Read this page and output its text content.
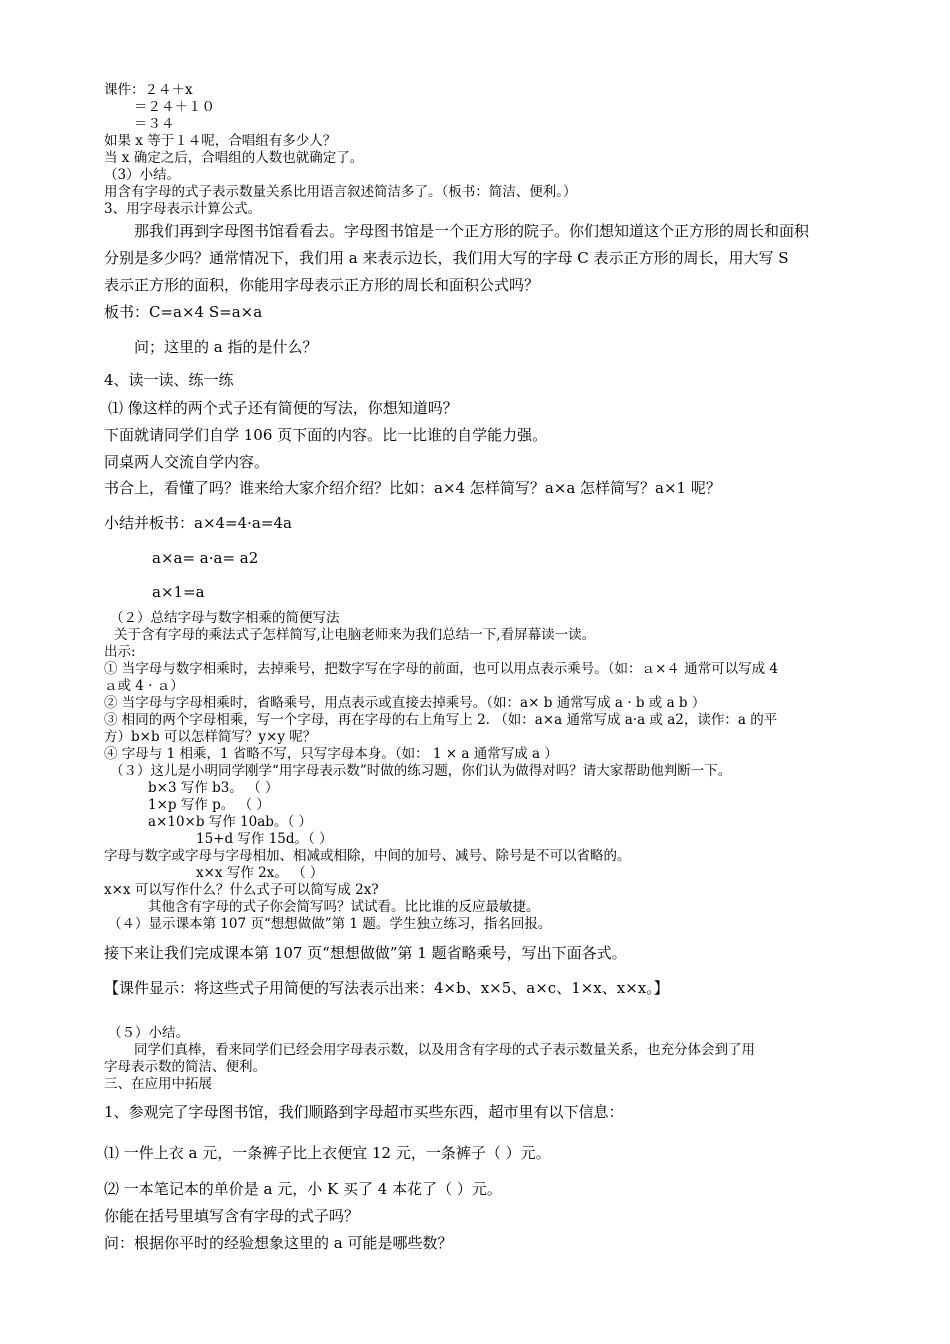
课件：２４＋x
＝２４＋１０
＝３４
如果 x 等于１４呢，合唱组有多少人？
当 x 确定之后，合唱组的人数也就确定了。
（3）小结。
用含有字母的式子表示数量关系比用语言叙述简洁多了。（板书：简洁、便利。）
3、用字母表示计算公式。
那我们再到字母图书馆看看去。字母图书馆是一个正方形的院子。你们想知道这个正方形的周长和面积
分别是多少吗？通常情况下，我们用 a 来表示边长，我们用大写的字母 C 表示正方形的周长，用大写 S
表示正方形的面积，你能用字母表示正方形的周长和面积公式吗？
板书：C=a×4 S=a×a
问；这里的 a 指的是什么？
4、读一读、练一练
⑴ 像这样的两个式子还有简便的写法，你想知道吗？
下面就请同学们自学 106 页下面的内容。比一比谁的自学能力强。
同桌两人交流自学内容。
书合上，看懂了吗？谁来给大家介绍介绍？比如：a×4 怎样简写？a×a 怎样简写？a×1 呢？
小结并板书：a×4=4·a=4a
a×a= a·a= a2
a×1=a
（２）总结字母与数字相乘的简便写法
关于含有字母的乘法式子怎样简写,让电脑老师来为我们总结一下,看屏幕读一读。
出示:
① 当字母与数字相乘时，去掉乘号，把数字写在字母的前面，也可以用点表示乘号。（如：ａ×４ 通常可以写成 4
ａ或 4 · ａ）
② 当字母与字母相乘时，省略乘号，用点表示或直接去掉乘号。（如：a× b 通常写成 a · b 或 a b ）
③ 相同的两个字母相乘，写一个字母，再在字母的右上角写上 2. （如：a×a 通常写成 a·a 或 a2，读作：a 的平
方）b×b 可以怎样简写？y×y 呢？
④ 字母与 1 相乘，1 省略不写，只写字母本身。（如： 1 × a 通常写成 a ）
（３）这儿是小明同学刚学“用字母表示数”时做的练习题，你们认为做得对吗？请大家帮助他判断一下。
b×3 写作 b3。 （ ）
1×p 写作 p。 （ ）
a×10×b 写作 10ab。（ ）
15+d 写作 15d。（ ）
字母与数字或字母与字母相加、相减或相除，中间的加号、减号、除号是不可以省略的。
x×x 写作 2x。 （ ）
x×x 可以写作什么？什么式子可以简写成 2x?
其他含有字母的式子你会简写吗？试试看。比比谁的反应最敏捷。
（４）显示课本第 107 页“想想做做”第 1 题。学生独立练习，指名回报。
接下来让我们完成课本第 107 页“想想做做”第 1 题省略乘号，写出下面各式。
【课件显示：将这些式子用简便的写法表示出来：4×b、x×5、a×c、1×x、x×x。】
（５）小结。
同学们真棒，看来同学们已经会用字母表示数，以及用含有字母的式子表示数量关系，也充分体会到了用
字母表示数的简洁、便利。
三、在应用中拓展
1、参观完了字母图书馆，我们顺路到字母超市买些东西，超市里有以下信息：
⑴ 一件上衣 a 元，一条裤子比上衣便宜 12 元，一条裤子（ ）元。
⑵ 一本笔记本的单价是 a 元，小 K 买了 4 本花了（ ）元。
你能在括号里填写含有字母的式子吗？
问：根据你平时的经验想象这里的 a 可能是哪些数？
